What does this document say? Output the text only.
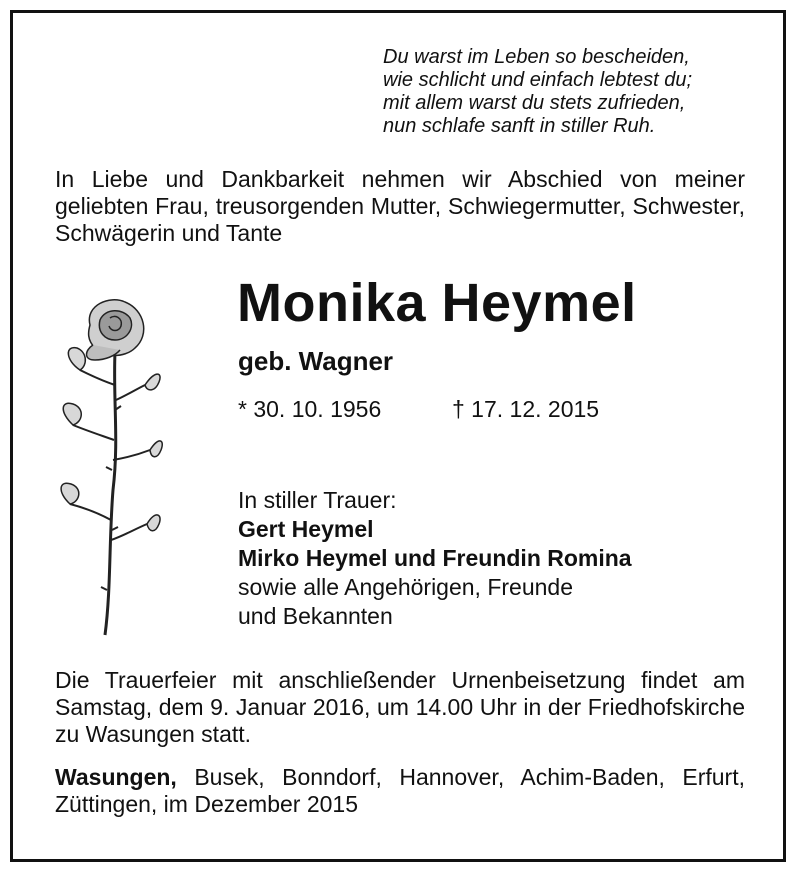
Du warst im Leben so bescheiden,
wie schlicht und einfach lebtest du;
mit allem warst du stets zufrieden,
nun schlafe sanft in stiller Ruh.
In Liebe und Dankbarkeit nehmen wir Abschied von meiner geliebten Frau, treusorgenden Mutter, Schwiegermutter, Schwester, Schwägerin und Tante
Monika Heymel
geb. Wagner
* 30. 10. 1956	† 17. 12. 2015
In stiller Trauer:
Gert Heymel
Mirko Heymel und Freundin Romina
sowie alle Angehörigen, Freunde
und Bekannten
Die Trauerfeier mit anschließender Urnenbeisetzung findet am Samstag, dem 9. Januar 2016, um 14.00 Uhr in der Friedhofskirche zu Wasungen statt.
Wasungen, Busek, Bonndorf, Hannover, Achim-Baden, Erfurt, Züttingen, im Dezember 2015
